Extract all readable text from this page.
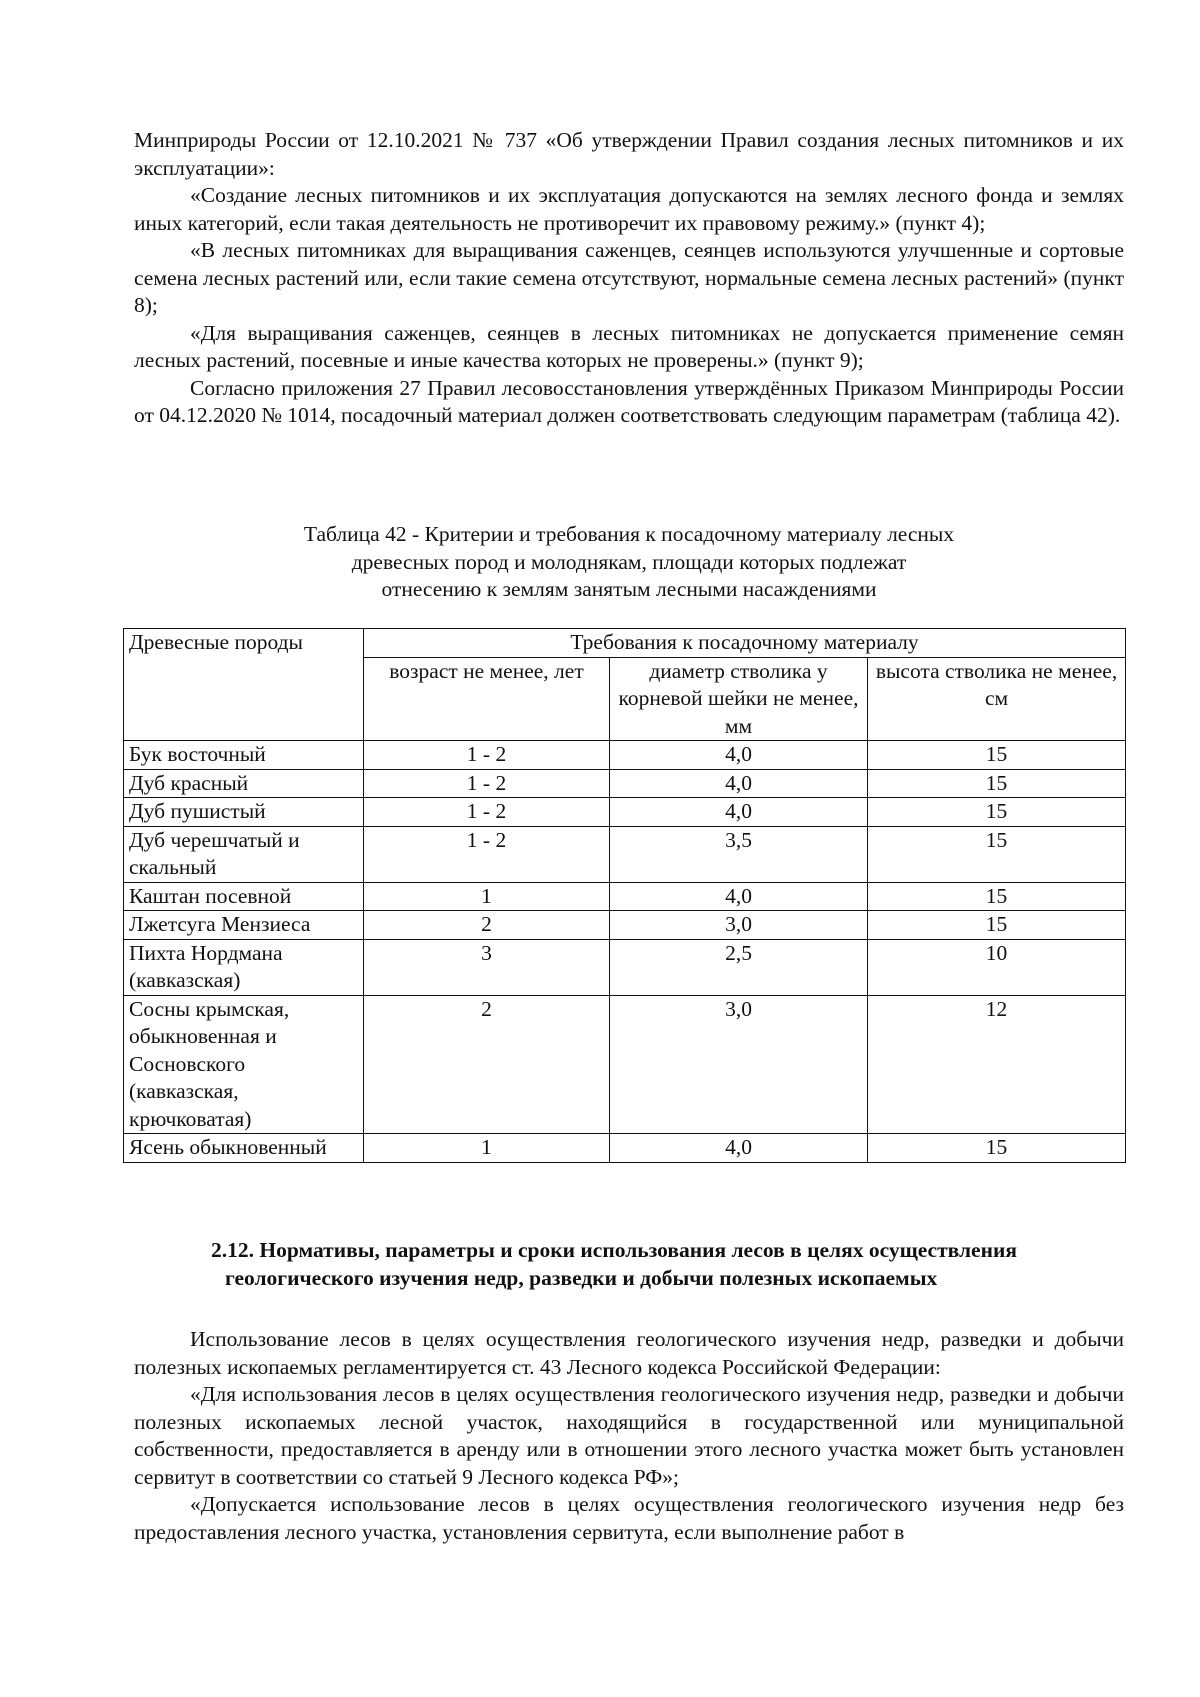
Минприроды России от 12.10.2021 № 737 «Об утверждении Правил создания лесных питомников и их эксплуатации»:

«Создание лесных питомников и их эксплуатация допускаются на землях лесного фонда и землях иных категорий, если такая деятельность не противоречит их правовому режиму.» (пункт 4);

«В лесных питомниках для выращивания саженцев, сеянцев используются улучшенные и сортовые семена лесных растений или, если такие семена отсутствуют, нормальные семена лесных растений» (пункт 8);

«Для выращивания саженцев, сеянцев в лесных питомниках не допускается применение семян лесных растений, посевные и иные качества которых не проверены.» (пункт 9);

Согласно приложения 27 Правил лесовосстановления утверждённых Приказом Минприроды России от 04.12.2020 № 1014, посадочный материал должен соответствовать следующим параметрам (таблица 42).

Таблица 42 - Критерии и требования к посадочному материалу лесных
древесных пород и молоднякам, площади которых подлежат
отнесению к землям занятым лесными насаждениями
Древесные породы	Требования к посадочному материалу		
	возраст не менее, лет	диаметр стволика у корневой шейки не менее, мм	высота стволика не менее, см
Бук восточный	1 - 2	4,0	15
Дуб красный	1 - 2	4,0	15
Дуб пушистый	1 - 2	4,0	15
Дуб черешчатый и скальный	1 - 2	3,5	15
Каштан посевной	1	4,0	15
Лжетсуга Мензиеса	2	3,0	15
Пихта Нордмана (кавказская)	3	2,5	10
Сосны крымская, обыкновенная и Сосновского (кавказская, крючковатая)	2	3,0	12
Ясень обыкновенный	1	4,0	15
2.12. Нормативы, параметры и сроки использования лесов в целях осуществления
геологического изучения недр, разведки и добычи полезных ископаемых

Использование лесов в целях осуществления геологического изучения недр, разведки и добычи полезных ископаемых регламентируется ст. 43 Лесного кодекса Российской Федерации:

«Для использования лесов в целях осуществления геологического изучения недр, разведки и добычи полезных ископаемых лесной участок, находящийся в государственной или муниципальной собственности, предоставляется в аренду или в отношении этого лесного участка может быть установлен сервитут в соответствии со статьей 9 Лесного кодекса РФ»;

«Допускается использование лесов в целях осуществления геологического изучения недр без предоставления лесного участка, установления сервитута, если выполнение работ в
